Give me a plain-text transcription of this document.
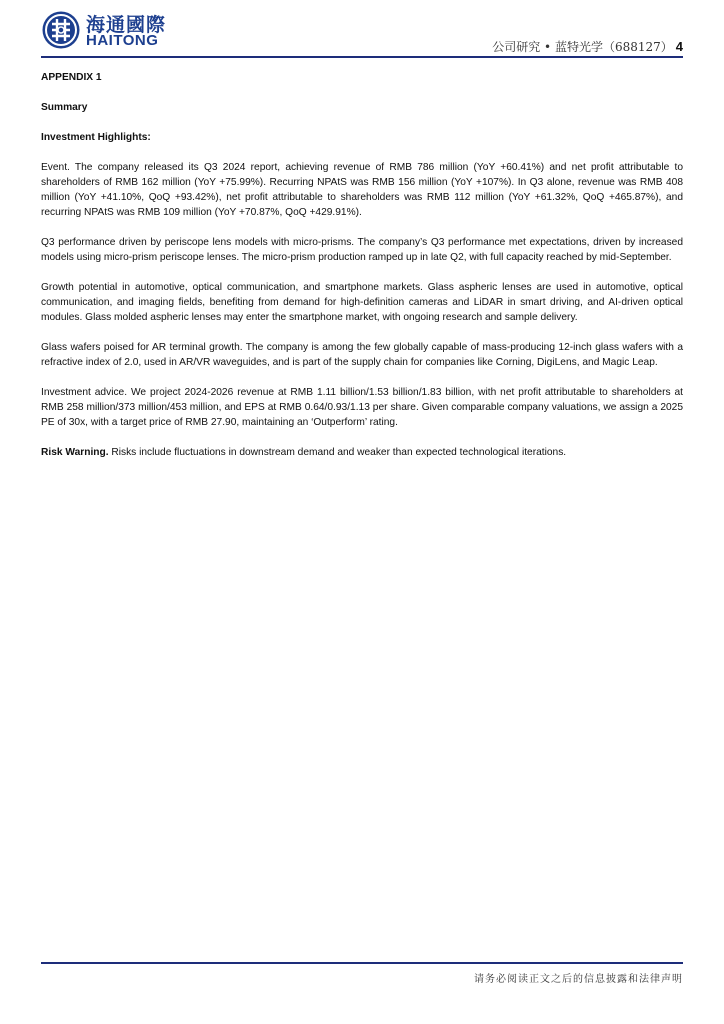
海通國際
HAITONG	公司研究 • 蓝特光学（688127） 4

APPENDIX 1

Summary

Investment Highlights:

Event. The company released its Q3 2024 report, achieving revenue of RMB 786 million (YoY +60.41%) and net profit attributable to shareholders of RMB 162 million (YoY +75.99%). Recurring NPAtS was RMB 156 million (YoY +107%). In Q3 alone, revenue was RMB 408 million (YoY +41.10%, QoQ +93.42%), net profit attributable to shareholders was RMB 112 million (YoY +61.32%, QoQ +465.87%), and recurring NPAtS was RMB 109 million (YoY +70.87%, QoQ +429.91%).

Q3 performance driven by periscope lens models with micro-prisms. The company’s Q3 performance met expectations, driven by increased models using micro-prism periscope lenses. The micro-prism production ramped up in late Q2, with full capacity reached by mid-September.

Growth potential in automotive, optical communication, and smartphone markets. Glass aspheric lenses are used in automotive, optical communication, and imaging fields, benefiting from demand for high-definition cameras and LiDAR in smart driving, and AI-driven optical modules. Glass molded aspheric lenses may enter the smartphone market, with ongoing research and sample delivery.

Glass wafers poised for AR terminal growth. The company is among the few globally capable of mass-producing 12-inch glass wafers with a refractive index of 2.0, used in AR/VR waveguides, and is part of the supply chain for companies like Corning, DigiLens, and Magic Leap.

Investment advice. We project 2024-2026 revenue at RMB 1.11 billion/1.53 billion/1.83 billion, with net profit attributable to shareholders at RMB 258 million/373 million/453 million, and EPS at RMB 0.64/0.93/1.13 per share. Given comparable company valuations, we assign a 2025 PE of 30x, with a target price of RMB 27.90, maintaining an ‘Outperform’ rating.

Risk Warning. Risks include fluctuations in downstream demand and weaker than expected technological iterations.

请务必阅读正文之后的信息披露和法律声明
